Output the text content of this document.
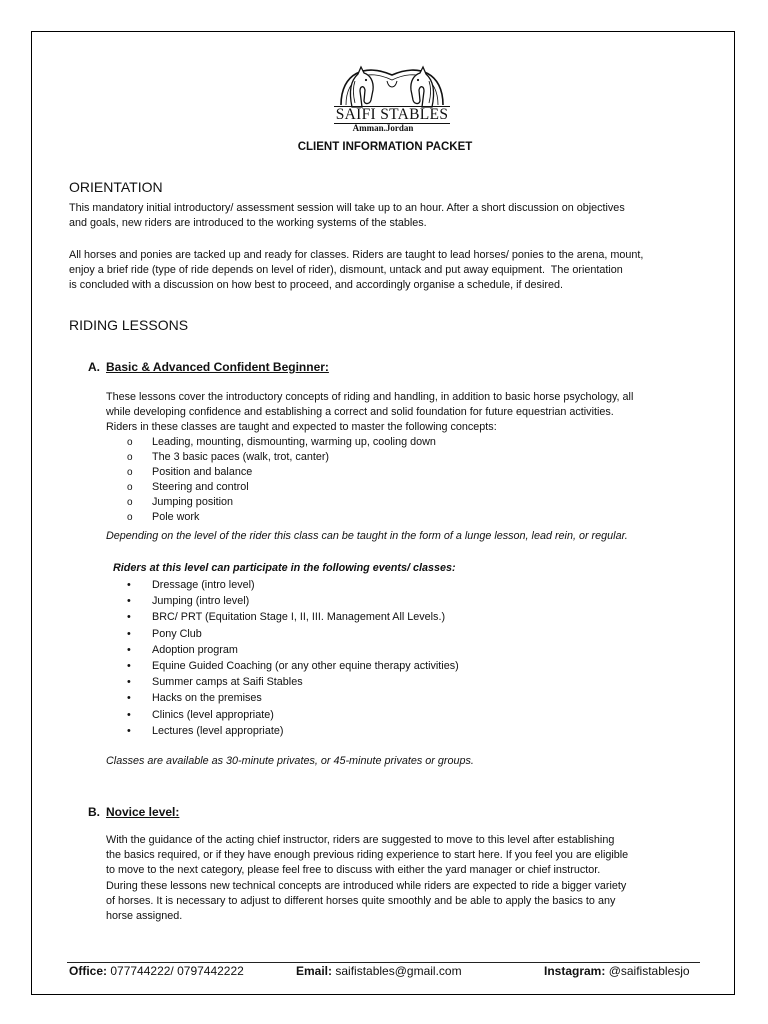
SAIFI STABLES
Amman.Jordan
CLIENT INFORMATION PACKET
ORIENTATION
This mandatory initial introductory/ assessment session will take up to an hour. After a short discussion on objectives
and goals, new riders are introduced to the working systems of the stables.
All horses and ponies are tacked up and ready for classes. Riders are taught to lead horses/ ponies to the arena, mount,
enjoy a brief ride (type of ride depends on level of rider), dismount, untack and put away equipment.  The orientation
is concluded with a discussion on how best to proceed, and accordingly organise a schedule, if desired.
RIDING LESSONS
A. Basic & Advanced Confident Beginner:
These lessons cover the introductory concepts of riding and handling, in addition to basic horse psychology, all
while developing confidence and establishing a correct and solid foundation for future equestrian activities.
Riders in these classes are taught and expected to master the following concepts:
o Leading, mounting, dismounting, warming up, cooling down
o The 3 basic paces (walk, trot, canter)
o Position and balance
o Steering and control
o Jumping position
o Pole work
Depending on the level of the rider this class can be taught in the form of a lunge lesson, lead rein, or regular.
Riders at this level can participate in the following events/ classes:
• Dressage (intro level)
• Jumping (intro level)
• BRC/ PRT (Equitation Stage I, II, III. Management All Levels.)
• Pony Club
• Adoption program
• Equine Guided Coaching (or any other equine therapy activities)
• Summer camps at Saifi Stables
• Hacks on the premises
• Clinics (level appropriate)
• Lectures (level appropriate)
Classes are available as 30-minute privates, or 45-minute privates or groups.
B. Novice level:
With the guidance of the acting chief instructor, riders are suggested to move to this level after establishing
the basics required, or if they have enough previous riding experience to start here. If you feel you are eligible
to move to the next category, please feel free to discuss with either the yard manager or chief instructor.
During these lessons new technical concepts are introduced while riders are expected to ride a bigger variety
of horses. It is necessary to adjust to different horses quite smoothly and be able to apply the basics to any
horse assigned.
Office: 077744222/ 0797442222	Email: saifistables@gmail.com	Instagram: @saifistablesjo
